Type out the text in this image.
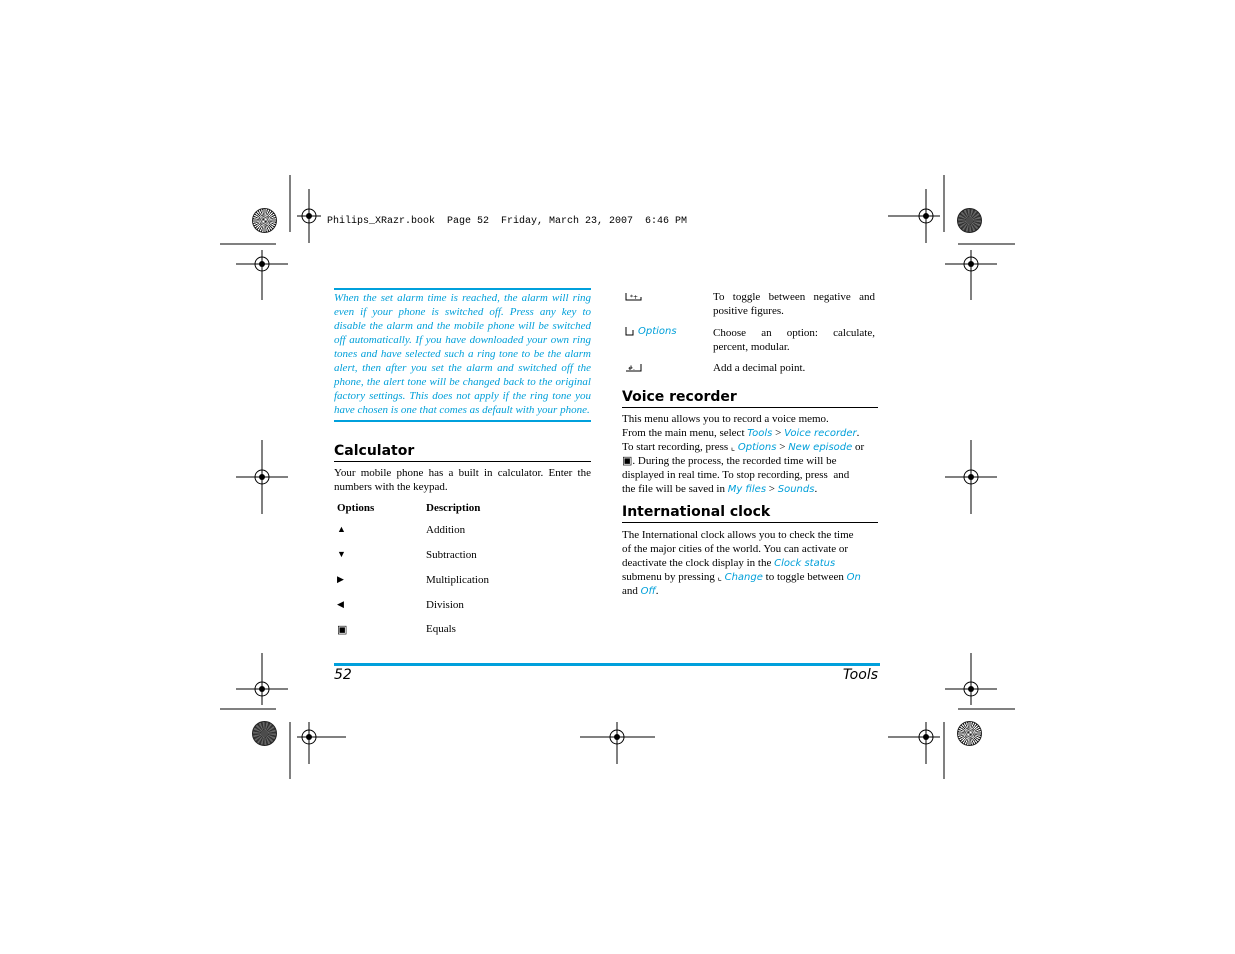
Philips_XRazr.book  Page 52  Friday, March 23, 2007  6:46 PM
When the set alarm time is reached, the alarm will ring even if your phone is switched off. Press any key to disable the alarm and the mobile phone will be switched off automatically. If you have downloaded your own ring tones and have selected such a ring tone to be the alarm alert, then after you set the alarm and switched off the phone, the alert tone will be changed back to the original factory settings. This does not apply if the ring tone you have chosen is one that comes as default with your phone.
Calculator
Your mobile phone has a built in calculator. Enter the numbers with the keypad.
Options	Description
▲	Addition
▼	Subtraction
▶	Multiplication
◀	Division
▣	Equals
*+	To toggle between negative and positive figures.
Options	Choose an option: calculate, percent, modular.
#.	Add a decimal point.
Voice recorder
This menu allows you to record a voice memo.
From the main menu, select Tools > Voice recorder.
To start recording, press ⌞ Options > New episode or
▣. During the process, the recorded time will be
displayed in real time. To stop recording, press  and
the file will be saved in My files > Sounds.
International clock
The International clock allows you to check the time
of the major cities of the world. You can activate or
deactivate the clock display in the Clock status
submenu by pressing ⌞ Change to toggle between On
and Off.
52	Tools
